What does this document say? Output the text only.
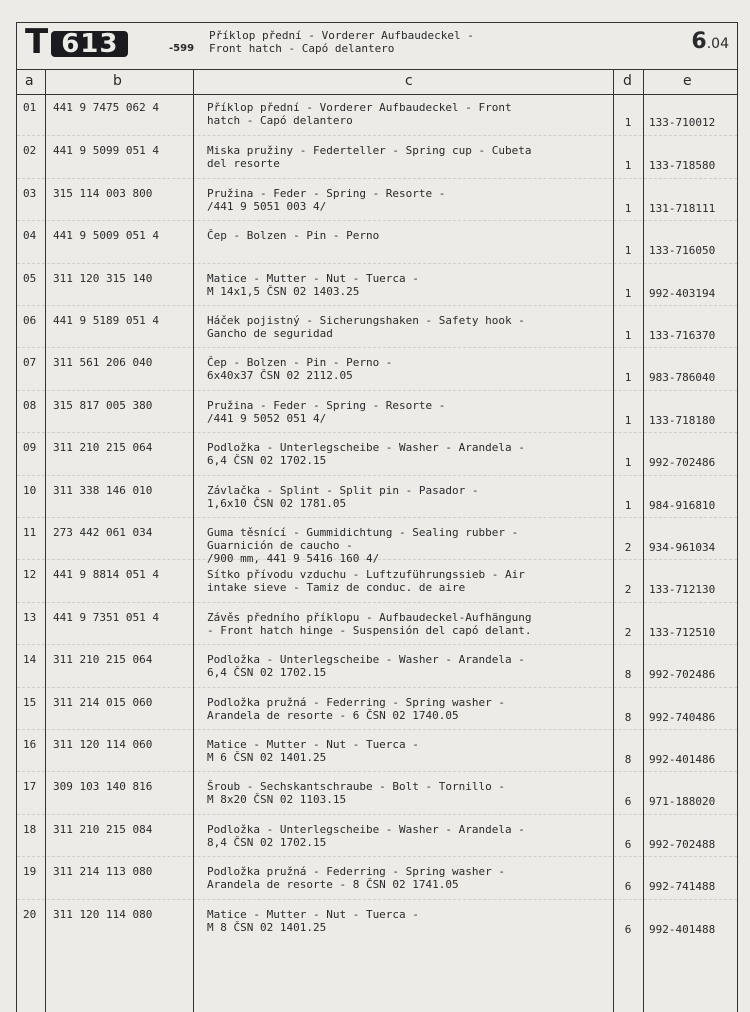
T 613	-599
Příklop přední - Vorderer Aufbaudeckel -
Front hatch - Capó delantero	6.04
a	b	c	d	e
01 441 9 7475 062 4	Příklop přední - Vorderer Aufbaudeckel - Front
hatch - Capó delantero	1	133-710012
02 441 9 5099 051 4	Miska pružiny - Federteller - Spring cup - Cubeta
del resorte	1	133-718580
03 315 114 003 800	Pružina - Feder - Spring - Resorte -
/441 9 5051 003 4/	1	131-718111
04 441 9 5009 051 4	Čep - Bolzen - Pin - Perno
1	133-716050
05 311 120 315 140	Matice - Mutter - Nut - Tuerca -
M 14x1,5 ČSN 02 1403.25	1	992-403194
06 441 9 5189 051 4	Háček pojistný - Sicherungshaken - Safety hook -
Gancho de seguridad	1	133-716370
07 311 561 206 040	Čep - Bolzen - Pin - Perno -
6x40x37 ČSN 02 2112.05	1	983-786040
08 315 817 005 380	Pružina - Feder - Spring - Resorte -
/441 9 5052 051 4/	1	133-718180
09 311 210 215 064	Podložka - Unterlegscheibe - Washer - Arandela -
6,4 ČSN 02 1702.15	1	992-702486
10 311 338 146 010	Závlačka - Splint - Split pin - Pasador -
1,6x10 ČSN 02 1781.05	1	984-916810
11 273 442 061 034	Guma těsnící - Gummidichtung - Sealing rubber -
Guarnición de caucho -
/900 mm, 441 9 5416 160 4/
2	934-961034
12 441 9 8814 051 4	Sítko přívodu vzduchu - Luftzuführungssieb - Air
intake sieve - Tamiz de conduc. de aire	2	133-712130
13 441 9 7351 051 4	Závěs předního příklopu - Aufbaudeckel-Aufhängung
- Front hatch hinge - Suspensión del capó delant.	2	133-712510
14 311 210 215 064	Podložka - Unterlegscheibe - Washer - Arandela -
6,4 ČSN 02 1702.15	8	992-702486
15 311 214 015 060	Podložka pružná - Federring - Spring washer -
Arandela de resorte - 6 ČSN 02 1740.05	8	992-740486
16 311 120 114 060	Matice - Mutter - Nut - Tuerca -
M 6 ČSN 02 1401.25	8	992-401486
17 309 103 140 816	Šroub - Sechskantschraube - Bolt - Tornillo -
M 8x20 ČSN 02 1103.15	6	971-188020
18 311 210 215 084	Podložka - Unterlegscheibe - Washer - Arandela -
8,4 ČSN 02 1702.15	6	992-702488
19 311 214 113 080	Podložka pružná - Federring - Spring washer -
Arandela de resorte - 8 ČSN 02 1741.05	6	992-741488
20 311 120 114 080	Matice - Mutter - Nut - Tuerca -
M 8 ČSN 02 1401.25	6	992-401488
